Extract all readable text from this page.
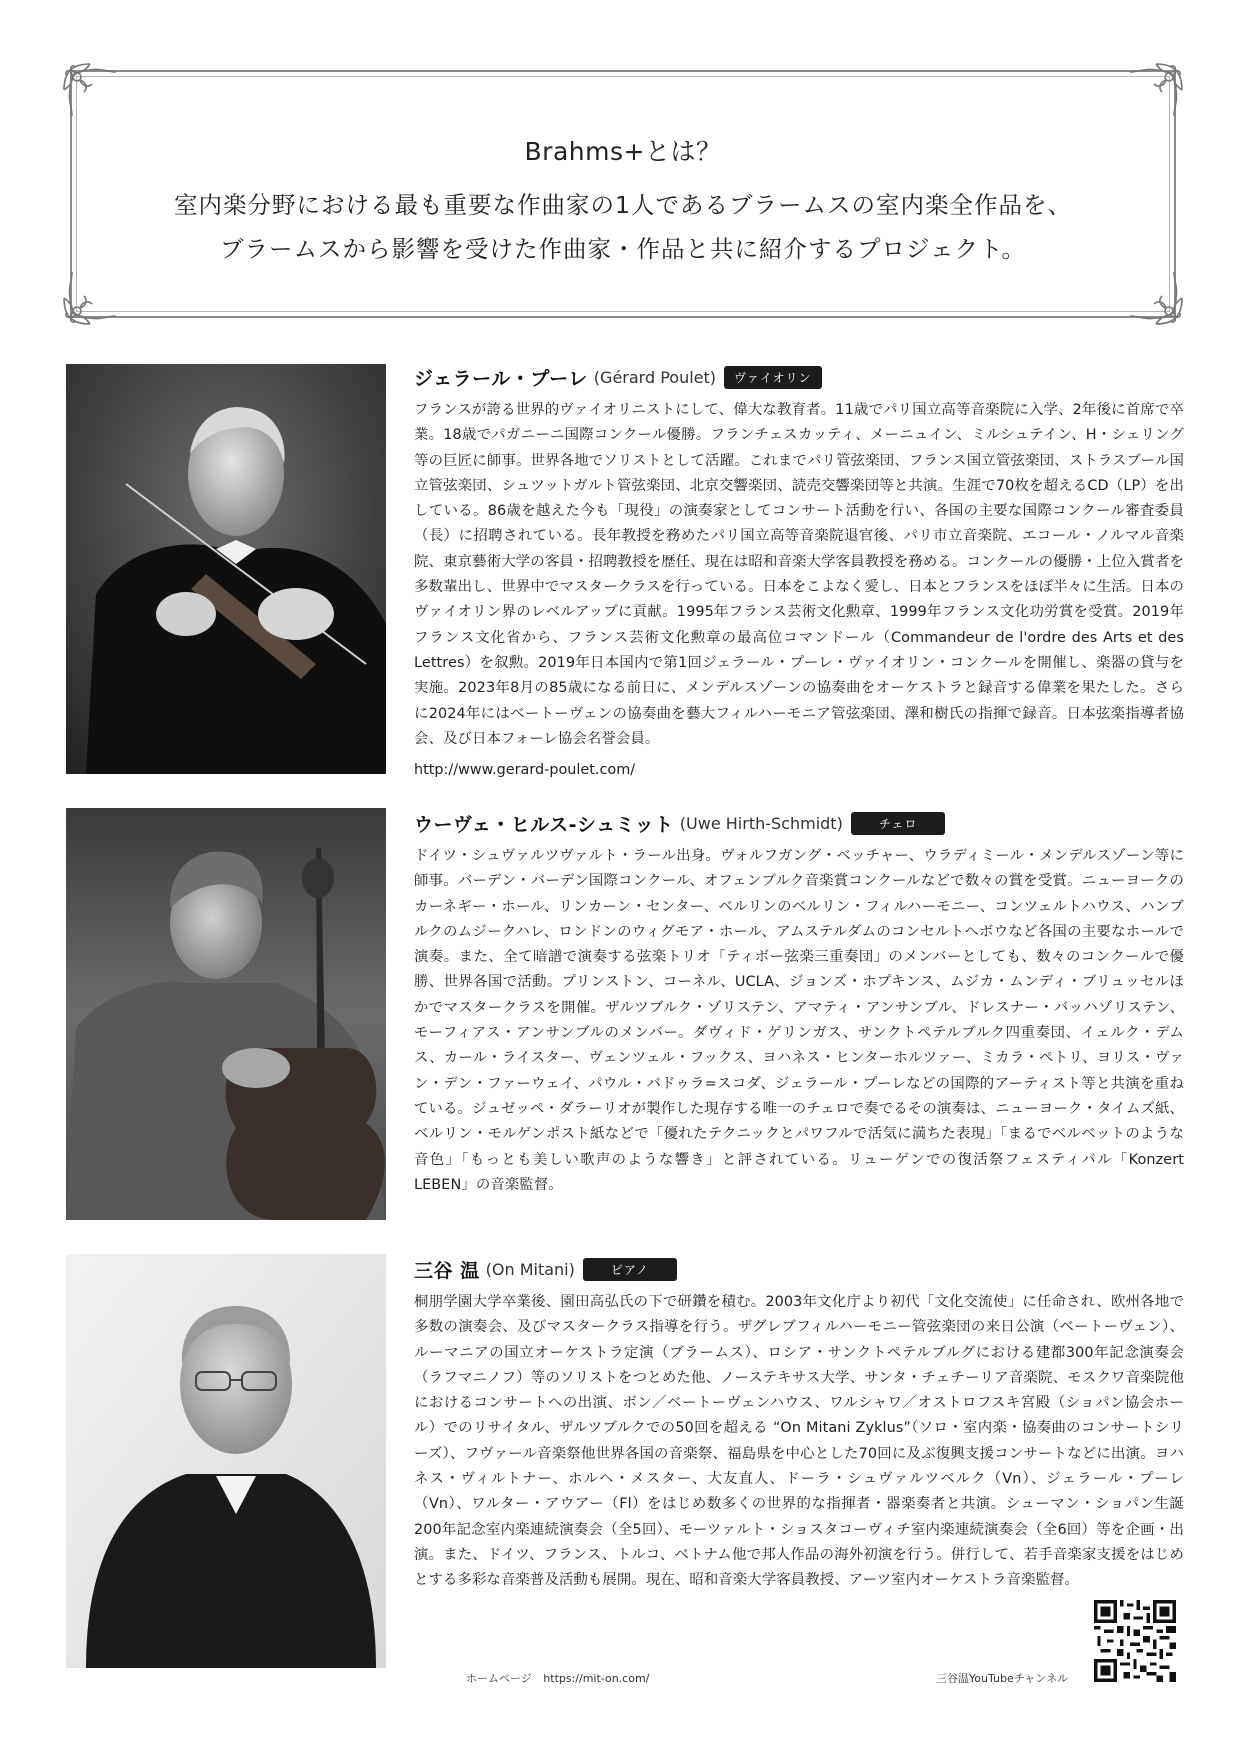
Brahms+とは？
室内楽分野における最も重要な作曲家の1人であるブラームスの室内楽全作品を、
ブラームスから影響を受けた作曲家・作品と共に紹介するプロジェクト。
ジェラール・プーレ (Gérard Poulet)	ヴァイオリン
フランスが誇る世界的ヴァイオリニストにして、偉大な教育者。11歳でパリ国立高等音楽院に入学、2年後に首席で卒業。18歳でパガニーニ国際コンクール優勝。フランチェスカッティ、メーニュイン、ミルシュテイン、H・シェリング等の巨匠に師事。世界各地でソリストとして活躍。これまでパリ管弦楽団、フランス国立管弦楽団、ストラスブール国立管弦楽団、シュツットガルト管弦楽団、北京交響楽団、読売交響楽団等と共演。生涯で70枚を超えるCD（LP）を出している。86歳を越えた今も「現役」の演奏家としてコンサート活動を行い、各国の主要な国際コンクール審査委員（長）に招聘されている。長年教授を務めたパリ国立高等音楽院退官後、パリ市立音楽院、エコール・ノルマル音楽院、東京藝術大学の客員・招聘教授を歴任、現在は昭和音楽大学客員教授を務める。コンクールの優勝・上位入賞者を多数輩出し、世界中でマスタークラスを行っている。日本をこよなく愛し、日本とフランスをほぼ半々に生活。日本のヴァイオリン界のレベルアップに貢献。1995年フランス芸術文化勲章、1999年フランス文化功労賞を受賞。2019年フランス文化省から、フランス芸術文化勲章の最高位コマンドール（Commandeur de l'ordre des Arts et des Lettres）を叙勲。2019年日本国内で第1回ジェラール・プーレ・ヴァイオリン・コンクールを開催し、楽器の貸与を実施。2023年8月の85歳になる前日に、メンデルスゾーンの協奏曲をオーケストラと録音する偉業を果たした。さらに2024年にはベートーヴェンの協奏曲を藝大フィルハーモニア管弦楽団、澤和樹氏の指揮で録音。日本弦楽指導者協会、及び日本フォーレ協会名誉会員。
http://www.gerard-poulet.com/
ウーヴェ・ヒルス-シュミット (Uwe Hirth-Schmidt)	チェロ
ドイツ・シュヴァルツヴァルト・ラール出身。ヴォルフガング・ベッチャー、ウラディミール・メンデルスゾーン等に師事。バーデン・バーデン国際コンクール、オフェンブルク音楽賞コンクールなどで数々の賞を受賞。ニューヨークのカーネギー・ホール、リンカーン・センター、ベルリンのベルリン・フィルハーモニー、コンツェルトハウス、ハンブルクのムジークハレ、ロンドンのウィグモア・ホール、アムステルダムのコンセルトヘボウなど各国の主要なホールで演奏。また、全て暗譜で演奏する弦楽トリオ「ティボー弦楽三重奏団」のメンバーとしても、数々のコンクールで優勝、世界各国で活動。プリンストン、コーネル、UCLA、ジョンズ・ホプキンス、ムジカ・ムンディ・ブリュッセルほかでマスタークラスを開催。ザルツブルク・ゾリステン、アマティ・アンサンブル、ドレスナー・バッハゾリステン、モーフィアス・アンサンブルのメンバー。ダヴィド・ゲリンガス、サンクトペテルブルク四重奏団、イェルク・デムス、カール・ライスター、ヴェンツェル・フックス、ヨハネス・ヒンターホルツァー、ミカラ・ペトリ、ヨリス・ヴァン・デン・ファーウェイ、パウル・バドゥラ=スコダ、ジェラール・プーレなどの国際的アーティスト等と共演を重ねている。ジュゼッペ・ダラーリオが製作した現存する唯一のチェロで奏でるその演奏は、ニューヨーク・タイムズ紙、ベルリン・モルゲンポスト紙などで「優れたテクニックとパワフルで活気に満ちた表現」「まるでベルベットのような音色」「もっとも美しい歌声のような響き」と評されている。リューゲンでの復活祭フェスティバル「Konzert LEBEN」の音楽監督。
三谷 温 (On Mitani)	ピアノ
桐朋学園大学卒業後、園田高弘氏の下で研鑽を積む。2003年文化庁より初代「文化交流使」に任命され、欧州各地で多数の演奏会、及びマスタークラス指導を行う。ザグレブフィルハーモニー管弦楽団の来日公演（ベートーヴェン）、ルーマニアの国立オーケストラ定演（ブラームス）、ロシア・サンクトペテルブルグにおける建都300年記念演奏会（ラフマニノフ）等のソリストをつとめた他、ノーステキサス大学、サンタ・チェチーリア音楽院、モスクワ音楽院他におけるコンサートへの出演、ボン／ベートーヴェンハウス、ワルシャワ／オストロフスキ宮殿（ショパン協会ホール）でのリサイタル、ザルツブルクでの50回を超える “On Mitani Zyklus”（ソロ・室内楽・協奏曲のコンサートシリーズ）、フヴァール音楽祭他世界各国の音楽祭、福島県を中心とした70回に及ぶ復興支援コンサートなどに出演。ヨハネス・ヴィルトナー、ホルヘ・メスター、大友直人、ドーラ・シュヴァルツベルク（Vn）、ジェラール・プーレ（Vn）、ワルター・アウアー（Fl）をはじめ数多くの世界的な指揮者・器楽奏者と共演。シューマン・ショパン生誕200年記念室内楽連続演奏会（全5回）、モーツァルト・ショスタコーヴィチ室内楽連続演奏会（全6回）等を企画・出演。また、ドイツ、フランス、トルコ、ベトナム他で邦人作品の海外初演を行う。併行して、若手音楽家支援をはじめとする多彩な音楽普及活動も展開。現在、昭和音楽大学客員教授、アーツ室内オーケストラ音楽監督。
ホームページ https://mit-on.com/	三谷温YouTubeチャンネル
